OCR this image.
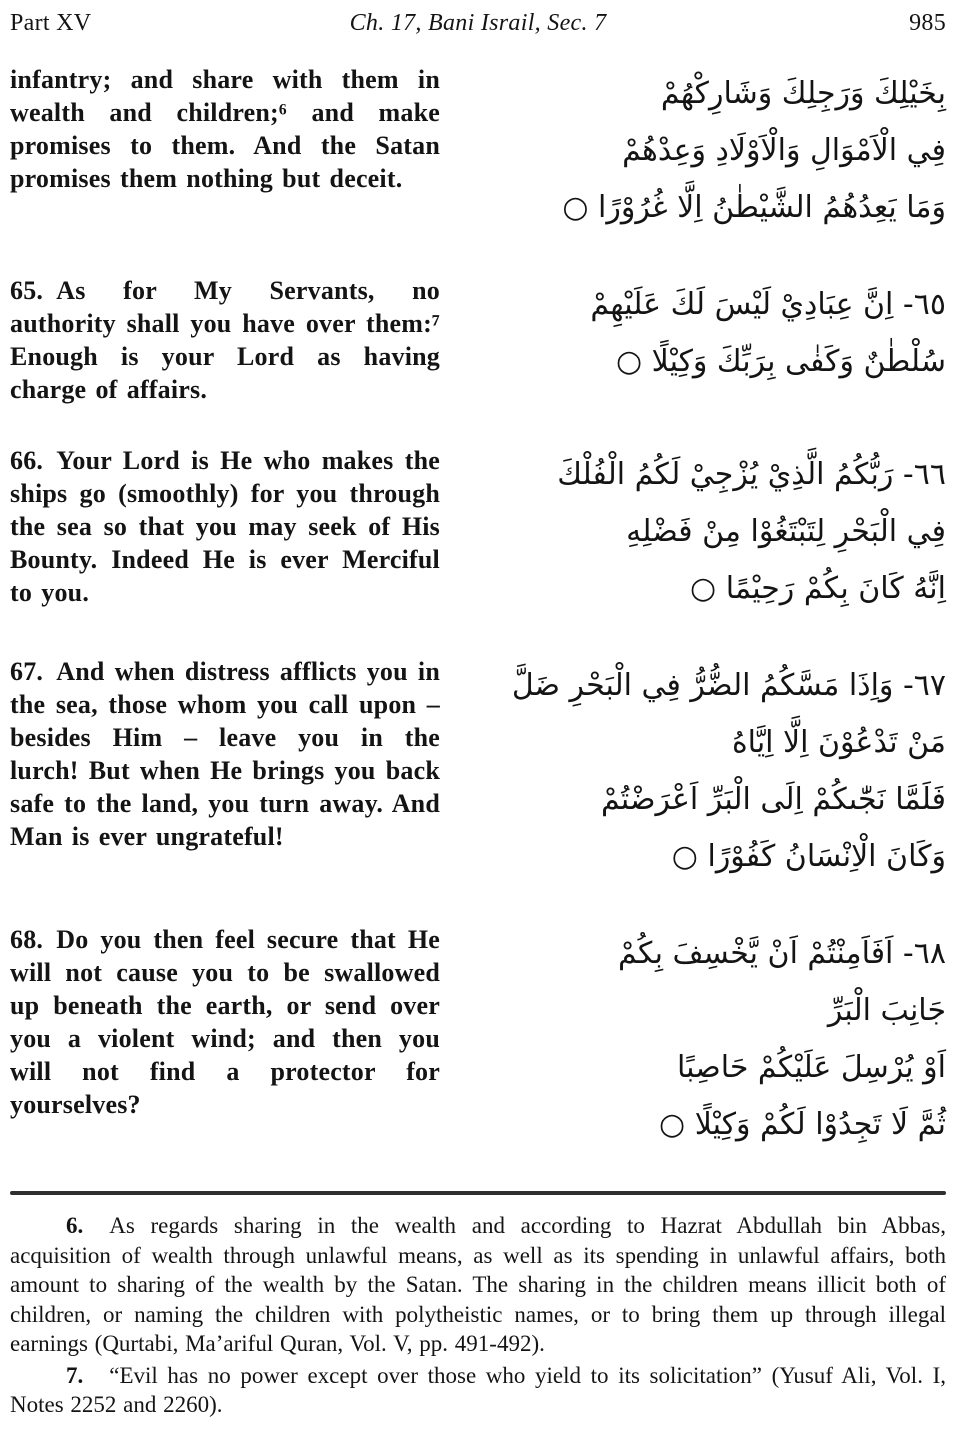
Part XV	Ch. 17, Bani Israil, Sec. 7	985
infantry; and share with them in wealth and children;⁶ and make promises to them. And the Satan promises them nothing but deceit.
بِخَيْلِكَ وَرَجِلِكَ وَشَارِكْهُمْ
فِي الْاَمْوَالِ وَالْاَوْلَادِ وَعِدْهُمْ
وَمَا يَعِدُهُمُ الشَّيْطٰنُ اِلَّا غُرُوْرًا ○
65. As for My Servants, no authority shall you have over them:⁷ Enough is your Lord as having charge of affairs.
٦٥- اِنَّ عِبَادِيْ لَيْسَ لَكَ عَلَيْهِمْ
سُلْطٰنٌ وَكَفٰى بِرَبِّكَ وَكِيْلًا ○
66. Your Lord is He who makes the ships go (smoothly) for you through the sea so that you may seek of His Bounty. Indeed He is ever Merciful to you.
٦٦- رَبُّكُمُ الَّذِيْ يُزْجِيْ لَكُمُ الْفُلْكَ
فِي الْبَحْرِ لِتَبْتَغُوْا مِنْ فَضْلِهِ
اِنَّهُ كَانَ بِكُمْ رَحِيْمًا ○
67. And when distress afflicts you in the sea, those whom you call upon – besides Him – leave you in the lurch! But when He brings you back safe to the land, you turn away. And Man is ever ungrateful!
٦٧- وَاِذَا مَسَّكُمُ الضُّرُّ فِي الْبَحْرِ ضَلَّ
مَنْ تَدْعُوْنَ اِلَّا اِيَّاهُ
فَلَمَّا نَجّٰىكُمْ اِلَى الْبَرِّ اَعْرَضْتُمْ
وَكَانَ الْاِنْسَانُ كَفُوْرًا ○
68. Do you then feel secure that He will not cause you to be swallowed up beneath the earth, or send over you a violent wind; and then you will not find a protector for yourselves?
٦٨- اَفَاَمِنْتُمْ اَنْ يَّخْسِفَ بِكُمْ
جَانِبَ الْبَرِّ
اَوْ يُرْسِلَ عَلَيْكُمْ حَاصِبًا
ثُمَّ لَا تَجِدُوْا لَكُمْ وَكِيْلًا ○

6. As regards sharing in the wealth and according to Hazrat Abdullah bin Abbas, acquisition of wealth through unlawful means, as well as its spending in unlawful affairs, both amount to sharing of the wealth by the Satan. The sharing in the children means illicit both of children, or naming the children with polytheistic names, or to bring them up through illegal earnings (Qurtabi, Ma’ariful Quran, Vol. V, pp. 491-492).

7. “Evil has no power except over those who yield to its solicitation” (Yusuf Ali, Vol. I, Notes 2252 and 2260).
